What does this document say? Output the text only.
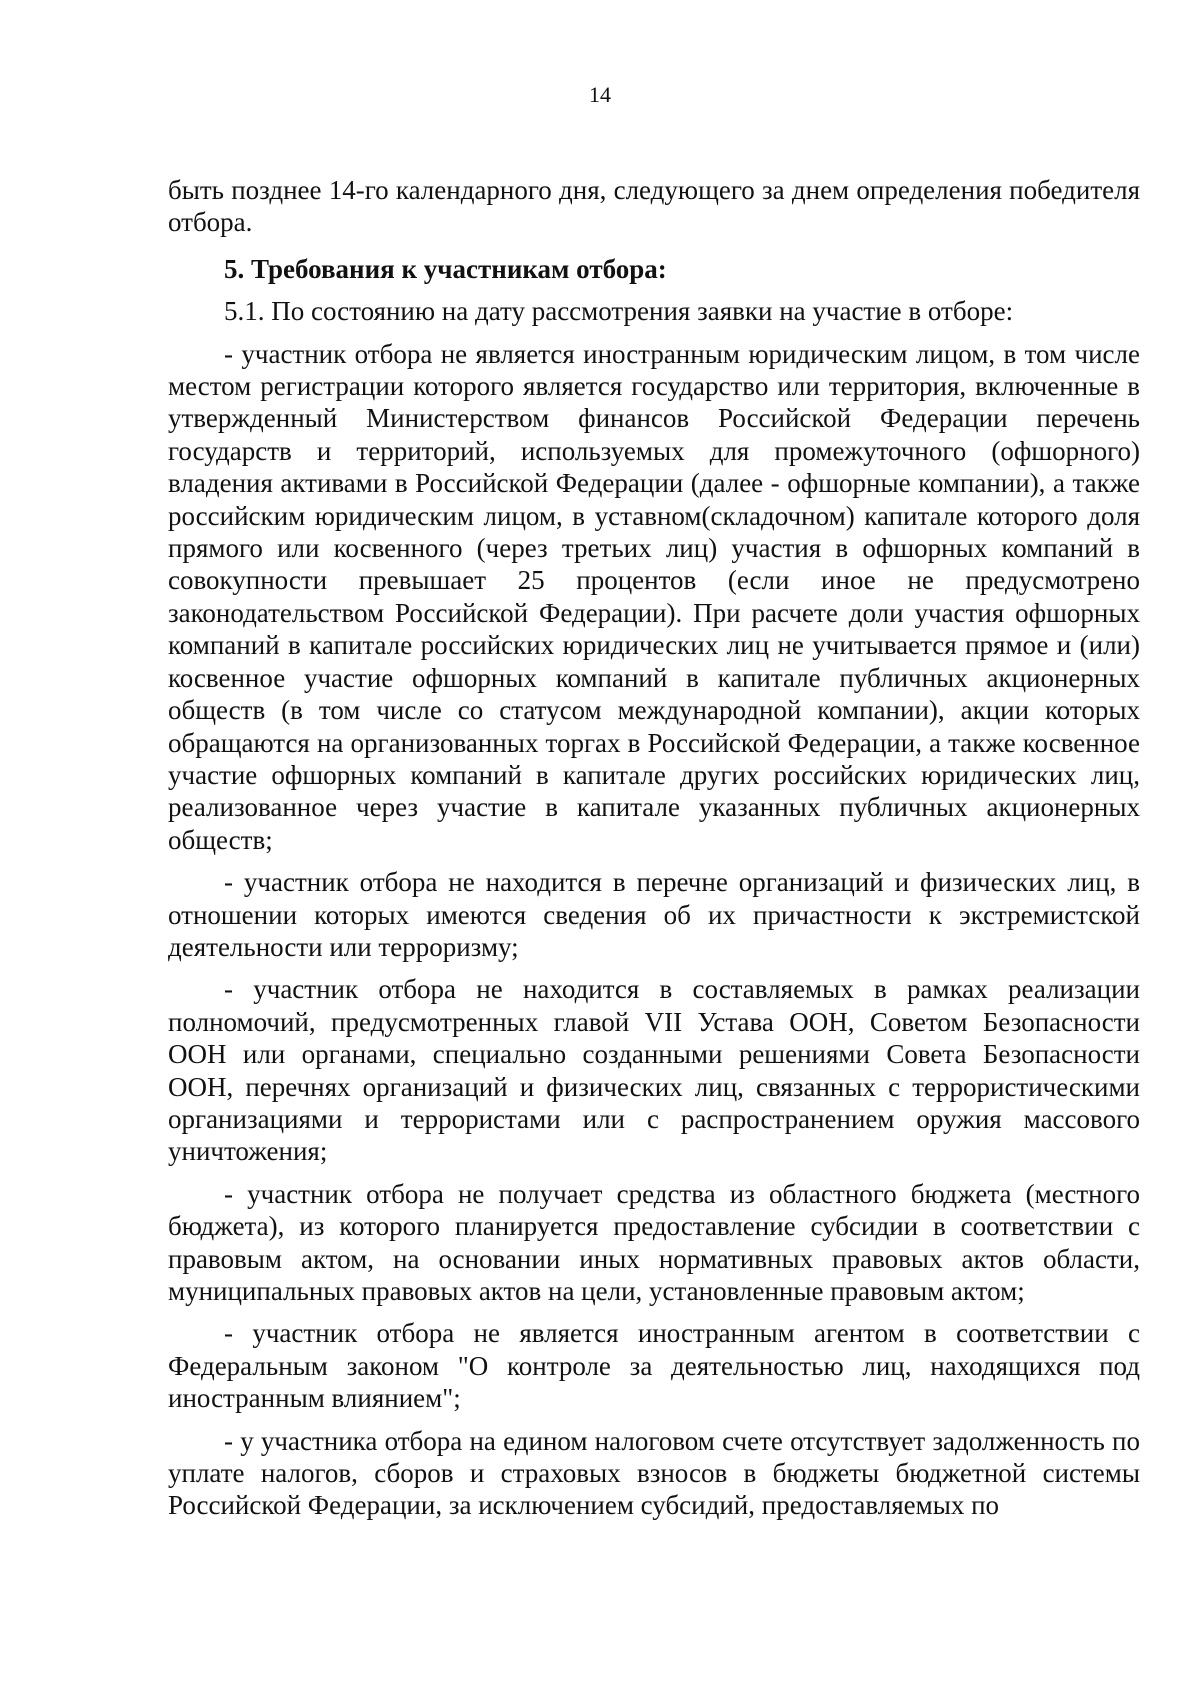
14

быть позднее 14-го календарного дня, следующего за днем определения победителя отбора.

5. Требования к участникам отбора:

5.1. По состоянию на дату рассмотрения заявки на участие в отборе:

- участник отбора не является иностранным юридическим лицом, в том числе местом регистрации которого является государство или территория, включенные в утвержденный Министерством финансов Российской Федерации перечень государств и территорий, используемых для промежуточного (офшорного) владения активами в Российской Федерации (далее - офшорные компании), а также российским юридическим лицом, в уставном(складочном) капитале которого доля прямого или косвенного (через третьих лиц) участия в офшорных компаний в совокупности превышает 25 процентов (если иное не предусмотрено законодательством Российской Федерации). При расчете доли участия офшорных компаний в капитале российских юридических лиц не учитывается прямое и (или) косвенное участие офшорных компаний в капитале публичных акционерных обществ (в том числе со статусом международной компании), акции которых обращаются на организованных торгах в Российской Федерации, а также косвенное участие офшорных компаний в капитале других российских юридических лиц, реализованное через участие в капитале указанных публичных акционерных обществ;

- участник отбора не находится в перечне организаций и физических лиц, в отношении которых имеются сведения об их причастности к экстремистской деятельности или терроризму;

- участник отбора не находится в составляемых в рамках реализации полномочий, предусмотренных главой VII Устава ООН, Советом Безопасности ООН или органами, специально созданными решениями Совета Безопасности ООН, перечнях организаций и физических лиц, связанных с террористическими организациями и террористами или с распространением оружия массового уничтожения;

- участник отбора не получает средства из областного бюджета (местного бюджета), из которого планируется предоставление субсидии в соответствии с правовым актом, на основании иных нормативных правовых актов области, муниципальных правовых актов на цели, установленные правовым актом;

- участник отбора не является иностранным агентом в соответствии с Федеральным законом "О контроле за деятельностью лиц, находящихся под иностранным влиянием";

- у участника отбора на едином налоговом счете отсутствует задолженность по уплате налогов, сборов и страховых взносов в бюджеты бюджетной системы Российской Федерации, за исключением субсидий, предоставляемых по
